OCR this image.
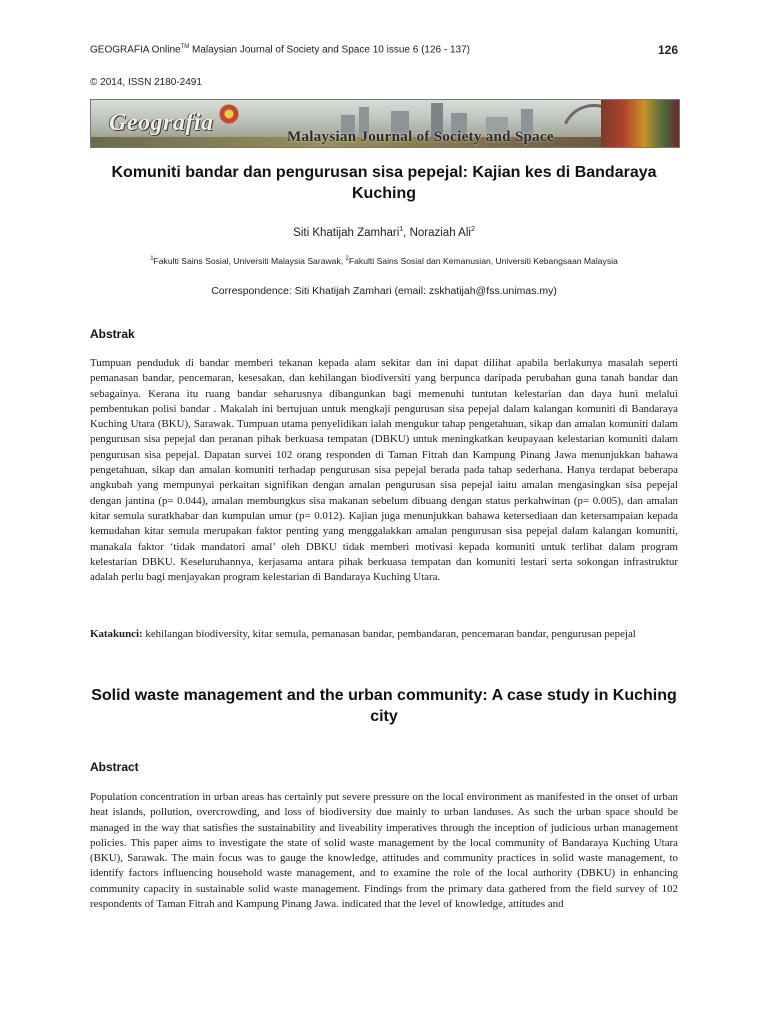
GEOGRAFIA Online™ Malaysian Journal of Society and Space 10 issue 6 (126 - 137)	126
© 2014, ISSN 2180-2491
Geografia
Malaysian Journal of Society and Space
Komuniti bandar dan pengurusan sisa pepejal: Kajian kes di Bandaraya Kuching
Siti Khatijah Zamhari$^1$, Noraziah Ali$^2$
$^1$Fakulti Sains Sosial, Universiti Malaysia Sarawak, $^2$Fakulti Sains Sosial dan Kemanusian, Universiti Kebangsaan Malaysia
Correspondence: Siti Khatijah Zamhari (email: zskhatijah@fss.unimas.my)
Abstrak
Tumpuan penduduk di bandar memberi tekanan kepada alam sekitar dan ini dapat dilihat apabila berlakunya masalah seperti pemanasan bandar, pencemaran, kesesakan, dan kehilangan biodiversiti yang berpunca daripada perubahan guna tanah bandar dan sebagainya. Kerana itu ruang bandar seharusnya dibangunkan bagi memenuhi tuntutan kelestarian dan daya huni melalui pembentukan polisi bandar . Makalah ini bertujuan untuk mengkaji pengurusan sisa pepejal dalam kalangan komuniti di Bandaraya Kuching Utara (BKU), Sarawak. Tumpuan utama penyelidikan ialah mengukur tahap pengetahuan, sikap dan amalan komuniti dalam pengurusan sisa pepejal dan peranan pihak berkuasa tempatan (DBKU) untuk meningkatkan keupayaan kelestarian komuniti dalam pengurusan sisa pepejal. Dapatan survei 102 orang responden di Taman Fitrah dan Kampung Pinang Jawa menunjukkan bahawa pengetahuan, sikap dan amalan komuniti terhadap pengurusan sisa pepejal berada pada tahap sederhana. Hanya terdapat beberapa angkubah yang mempunyai perkaitan signifikan dengan amalan pengurusan sisa pepejal iaitu amalan mengasingkan sisa pepejal dengan jantina (p= 0.044), amalan membungkus sisa makanan sebelum dibuang dengan status perkahwinan (p= 0.005), dan amalan kitar semula suratkhabar dan kumpulan umur (p= 0.012). Kajian juga menunjukkan bahawa ketersediaan dan ketersampaian kepada kemudahan kitar semula merupakan faktor penting yang menggalakkan amalan pengurusan sisa pepejal dalam kalangan komuniti, manakala faktor ‘tidak mandatori amal’ oleh DBKU tidak memberi motivasi kepada komuniti untuk terlibat dalam program kelestarian DBKU. Keseluruhannya, kerjasama antara pihak berkuasa tempatan dan komuniti lestari serta sokongan infrastruktur adalah perlu bagi menjayakan program kelestarian di Bandaraya Kuching Utara.
Katakunci: kehilangan biodiversity, kitar semula, pemanasan bandar, pembandaran, pencemaran bandar, pengurusan pepejal
Solid waste management and the urban community: A case study in Kuching city
Abstract
Population concentration in urban areas has certainly put severe pressure on the local environment as manifested in the onset of urban heat islands, pollution, overcrowding, and loss of biodiversity due mainly to urban landuses. As such the urban space should be managed in the way that satisfies the sustainability and liveability imperatives through the inception of judicious urban management policies. This paper aims to investigate the state of solid waste management by the local community of Bandaraya Kuching Utara (BKU), Sarawak. The main focus was to gauge the knowledge, attitudes and community practices in solid waste management, to identify factors influencing household waste management, and to examine the role of the local authority (DBKU) in enhancing community capacity in sustainable solid waste management. Findings from the primary data gathered from the field survey of 102 respondents of Taman Fitrah and Kampung Pinang Jawa. indicated that the level of knowledge, attitudes and
